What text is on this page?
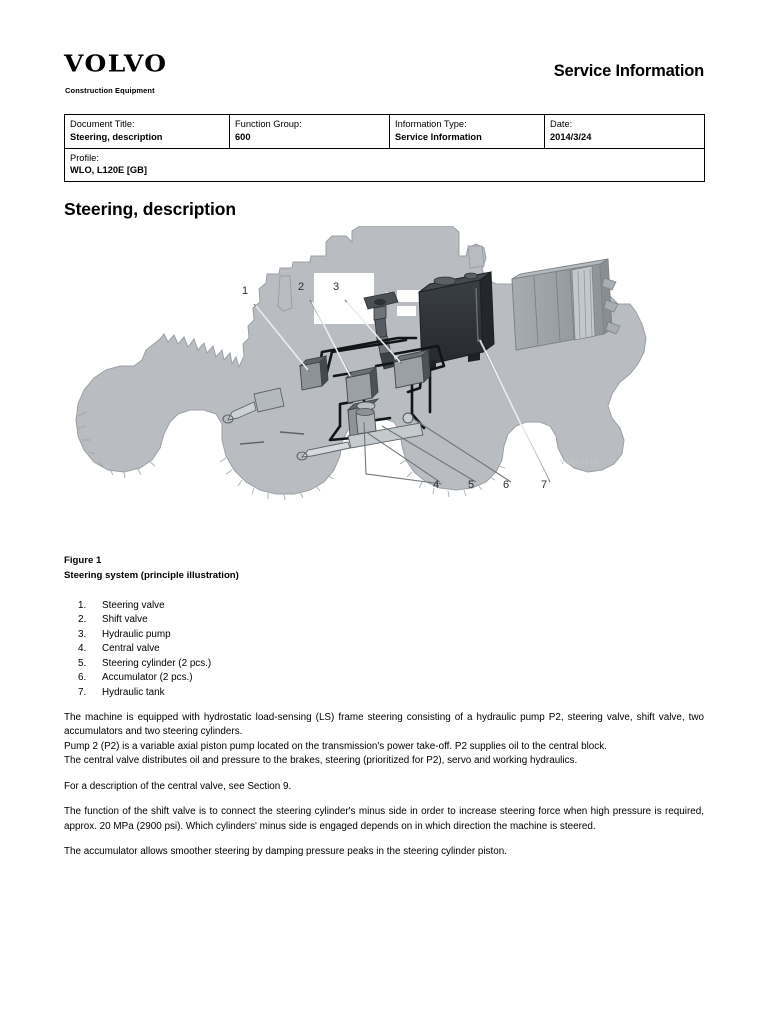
VOLVO
Construction Equipment
Service Information
Document Title:
Steering, description

Function Group:
600

Information Type:
Service Information

Date:
2014/3/24

Profile:
WLO, L120E [GB]
Steering, description
1	2	3
4	5	6	7
V1019015
Figure 1
Steering system (principle illustration)
1.	Steering valve
2.	Shift valve
3.	Hydraulic pump
4.	Central valve
5.	Steering cylinder (2 pcs.)
6.	Accumulator (2 pcs.)
7.	Hydraulic tank

The machine is equipped with hydrostatic load-sensing (LS) frame steering consisting of a hydraulic pump P2, steering valve, shift valve, two accumulators and two steering cylinders.

Pump 2 (P2) is a variable axial piston pump located on the transmission's power take-off. P2 supplies oil to the central block.

The central valve distributes oil and pressure to the brakes, steering (prioritized for P2), servo and working hydraulics.

For a description of the central valve, see Section 9.

The function of the shift valve is to connect the steering cylinder's minus side in order to increase steering force when high pressure is required, approx. 20 MPa (2900 psi). Which cylinders' minus side is engaged depends on in which direction the machine is steered.

The accumulator allows smoother steering by damping pressure peaks in the steering cylinder piston.
